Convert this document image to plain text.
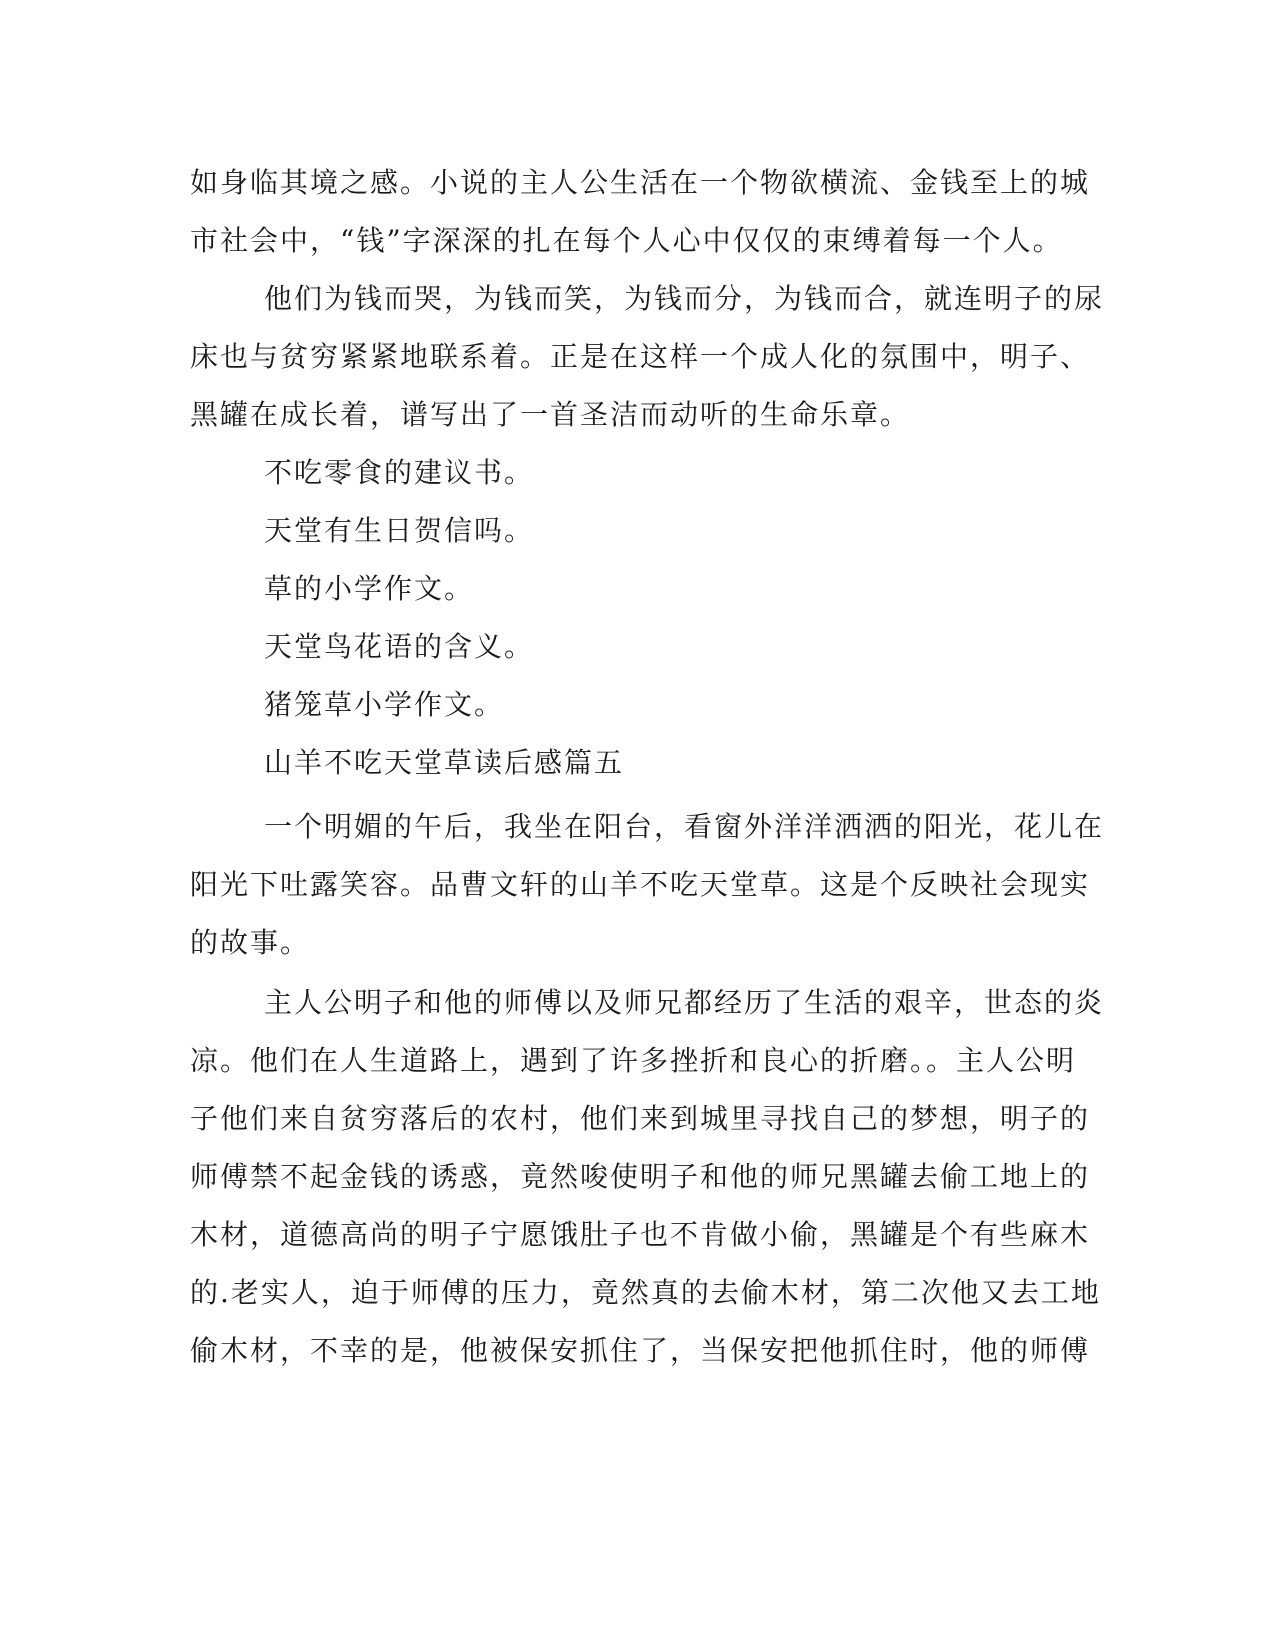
如身临其境之感。小说的主人公生活在一个物欲横流、金钱至上的城
市社会中，“钱”字深深的扎在每个人心中仅仅的束缚着每一个人。
他们为钱而哭，为钱而笑，为钱而分，为钱而合，就连明子的尿
床也与贫穷紧紧地联系着。正是在这样一个成人化的氛围中，明子、
黑罐在成长着，谱写出了一首圣洁而动听的生命乐章。
不吃零食的建议书。
天堂有生日贺信吗。
草的小学作文。
天堂鸟花语的含义。
猪笼草小学作文。
山羊不吃天堂草读后感篇五
一个明媚的午后，我坐在阳台，看窗外洋洋洒洒的阳光，花儿在
阳光下吐露笑容。品曹文轩的山羊不吃天堂草。这是个反映社会现实
的故事。
主人公明子和他的师傅以及师兄都经历了生活的艰辛，世态的炎
凉。他们在人生道路上，遇到了许多挫折和良心的折磨。。主人公明
子他们来自贫穷落后的农村，他们来到城里寻找自己的梦想，明子的
师傅禁不起金钱的诱惑，竟然唆使明子和他的师兄黑罐去偷工地上的
木材，道德高尚的明子宁愿饿肚子也不肯做小偷，黑罐是个有些麻木
的.老实人，迫于师傅的压力，竟然真的去偷木材，第二次他又去工地
偷木材，不幸的是，他被保安抓住了，当保安把他抓住时，他的师傅
